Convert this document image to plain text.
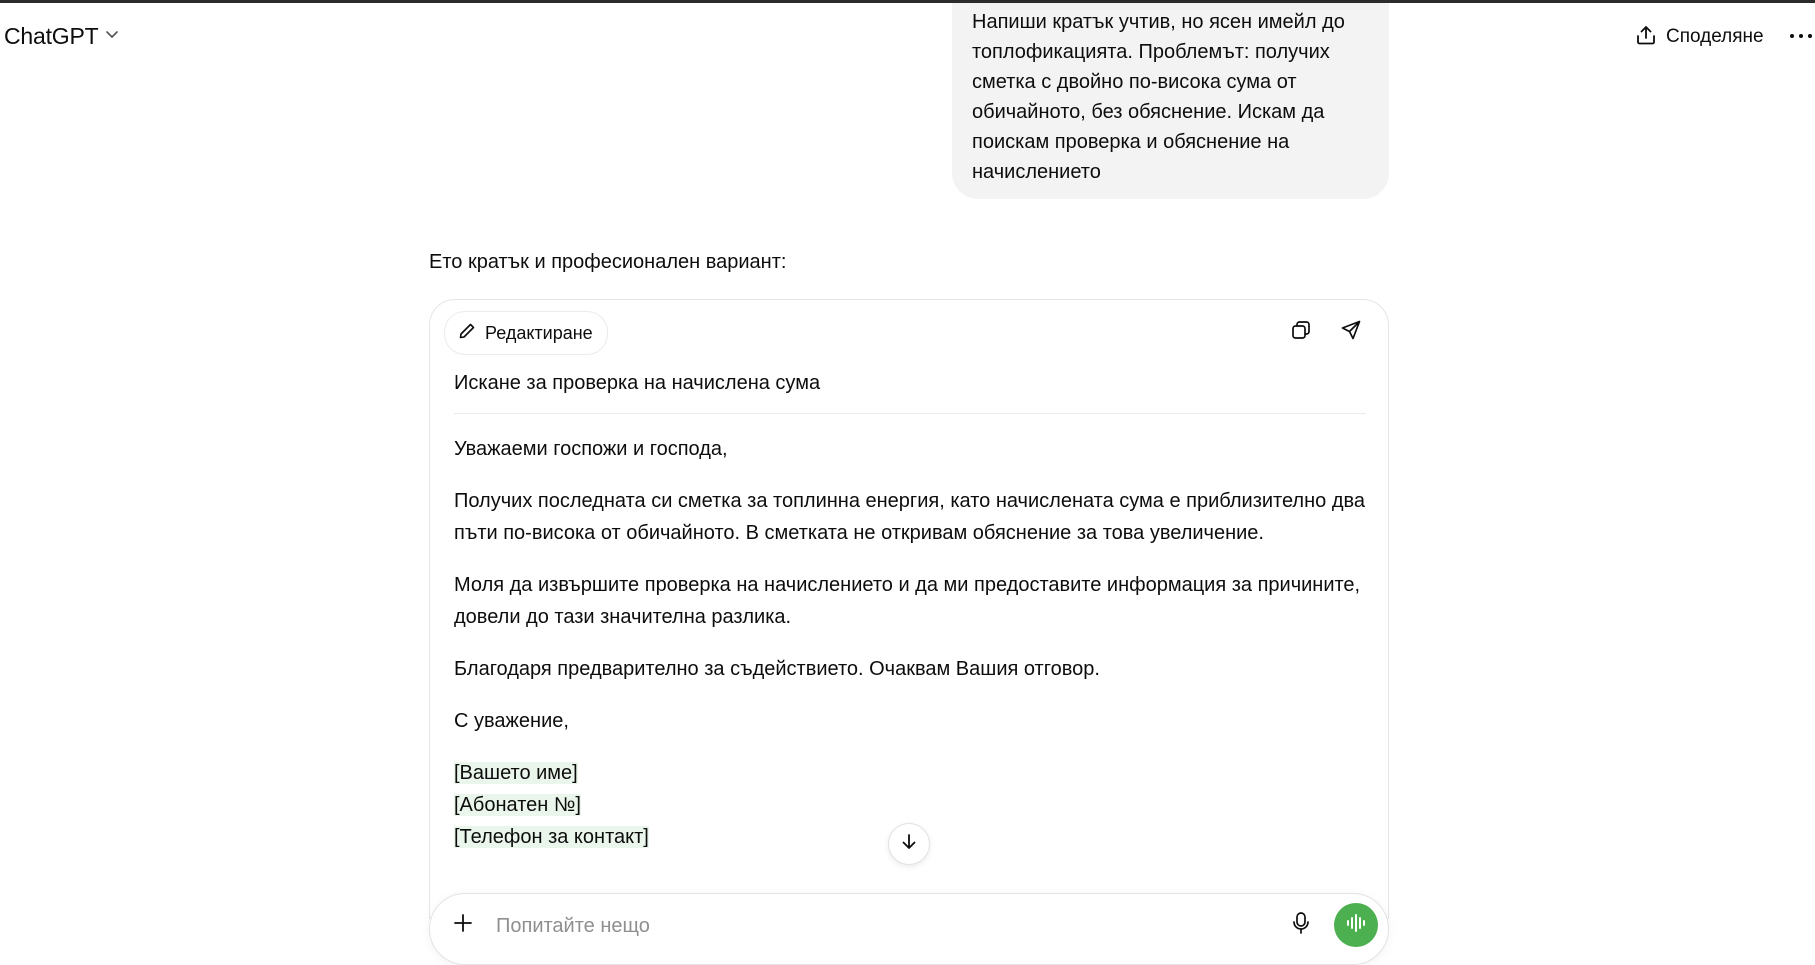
ChatGPT	Споделяне
Напиши кратък учтив, но ясен имейл до топлофикацията. Проблемът: получих сметка с двойно по-висока сума от обичайното, без обяснение. Искам да поискам проверка и обяснение на начислението
Ето кратък и професионален вариант:
Редактиране
Искане за проверка на начислена сума

Уважаеми госпожи и господа,

Получих последната си сметка за топлинна енергия, като начислената сума е приблизително два пъти по-висока от обичайното. В сметката не откривам обяснение за това увеличение.

Моля да извършите проверка на начислението и да ми предоставите информация за причините, довели до тази значителна разлика.

Благодаря предварително за съдействието. Очаквам Вашия отговор.

С уважение,

[Вашето име]
[Абонатен №]
[Телефон за контакт]

Попитайте нещо
